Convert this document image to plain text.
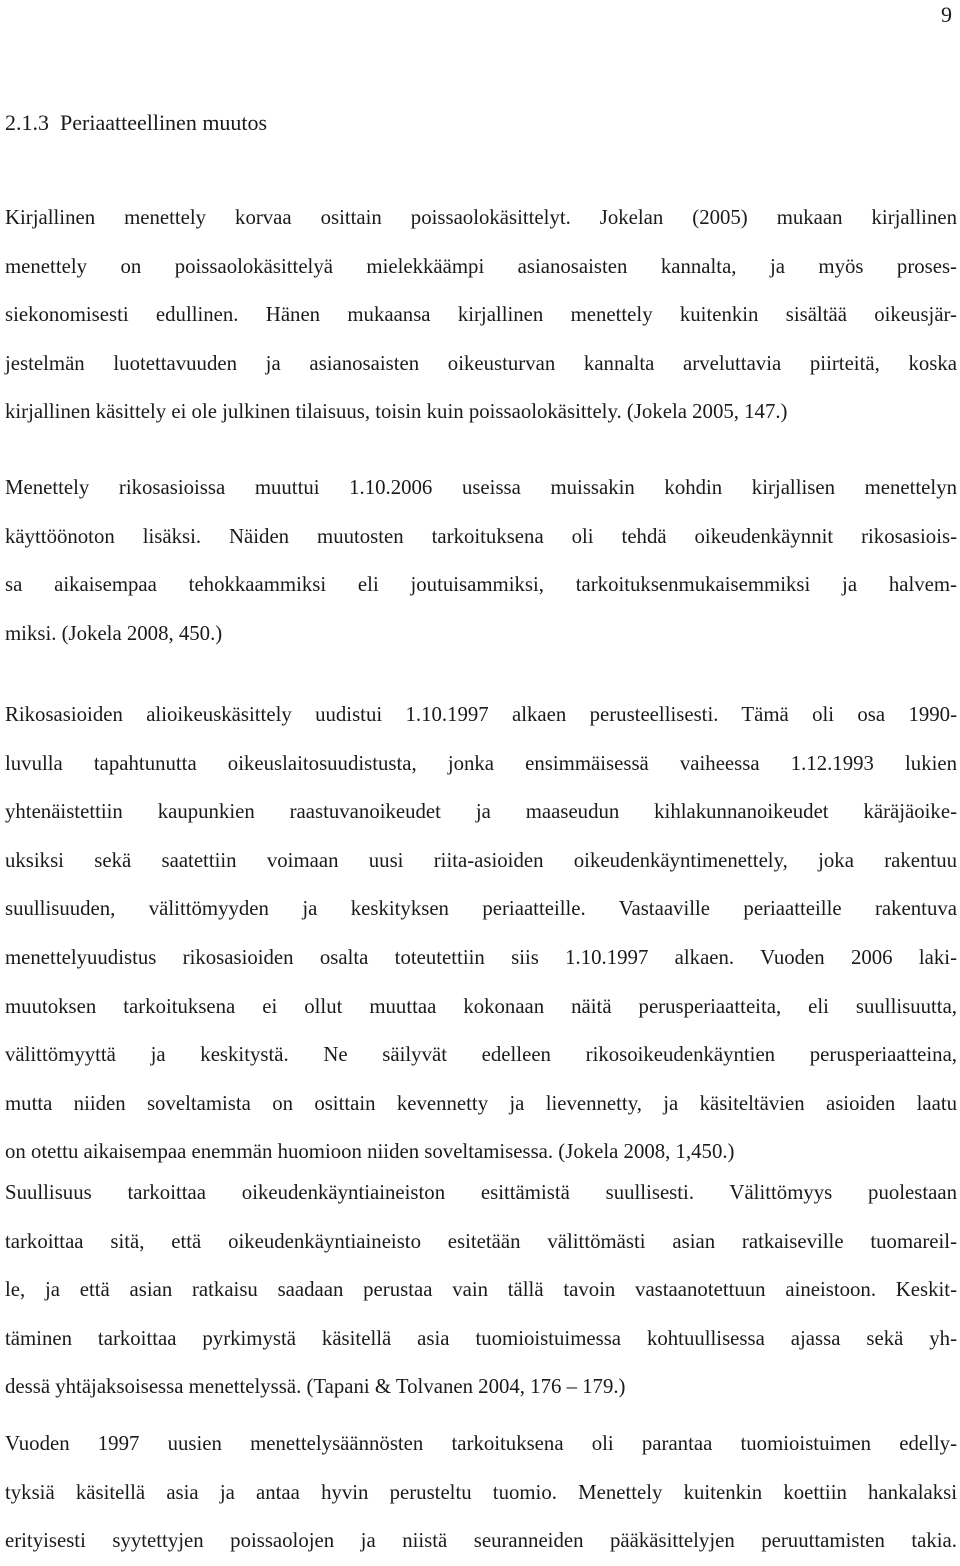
9
2.1.3 Periaatteellinen muutos
Kirjallinen menettely korvaa osittain poissaolokäsittelyt. Jokelan (2005) mukaan kirjallinen
menettely on poissaolokäsittelyä mielekkäämpi asianosaisten kannalta, ja myös proses-
siekonomisesti edullinen. Hänen mukaansa kirjallinen menettely kuitenkin sisältää oikeusjär-
jestelmän luotettavuuden ja asianosaisten oikeusturvan kannalta arveluttavia piirteitä, koska
kirjallinen käsittely ei ole julkinen tilaisuus, toisin kuin poissaolokäsittely. (Jokela 2005, 147.)
Menettely rikosasioissa muuttui 1.10.2006 useissa muissakin kohdin kirjallisen menettelyn
käyttöönoton lisäksi. Näiden muutosten tarkoituksena oli tehdä oikeudenkäynnit rikosasiois-
sa aikaisempaa tehokkaammiksi eli joutuisammiksi, tarkoituksenmukaisemmiksi ja halvem-
miksi. (Jokela 2008, 450.)
Rikosasioiden alioikeuskäsittely uudistui 1.10.1997 alkaen perusteellisesti. Tämä oli osa 1990-
luvulla tapahtunutta oikeuslaitosuudistusta, jonka ensimmäisessä vaiheessa 1.12.1993 lukien
yhtenäistettiin kaupunkien raastuvanoikeudet ja maaseudun kihlakunnanoikeudet käräjäoike-
uksiksi sekä saatettiin voimaan uusi riita-asioiden oikeudenkäyntimenettely, joka rakentuu
suullisuuden, välittömyyden ja keskityksen periaatteille. Vastaaville periaatteille rakentuva
menettelyuudistus rikosasioiden osalta toteutettiin siis 1.10.1997 alkaen. Vuoden 2006 laki-
muutoksen tarkoituksena ei ollut muuttaa kokonaan näitä perusperiaatteita, eli suullisuutta,
välittömyyttä ja keskitystä. Ne säilyvät edelleen rikosoikeudenkäyntien perusperiaatteina,
mutta niiden soveltamista on osittain kevennetty ja lievennetty, ja käsiteltävien asioiden laatu
on otettu aikaisempaa enemmän huomioon niiden soveltamisessa. (Jokela 2008, 1,450.)
Suullisuus tarkoittaa oikeudenkäyntiaineiston esittämistä suullisesti. Välittömyys puolestaan
tarkoittaa sitä, että oikeudenkäyntiaineisto esitetään välittömästi asian ratkaiseville tuomareil-
le, ja että asian ratkaisu saadaan perustaa vain tällä tavoin vastaanotettuun aineistoon. Keskit-
täminen tarkoittaa pyrkimystä käsitellä asia tuomioistuimessa kohtuullisessa ajassa sekä yh-
dessä yhtäjaksoisessa menettelyssä. (Tapani & Tolvanen 2004, 176 – 179.)
Vuoden 1997 uusien menettelysäännösten tarkoituksena oli parantaa tuomioistuimen edelly-
tyksiä käsitellä asia ja antaa hyvin perusteltu tuomio. Menettely kuitenkin koettiin hankalaksi
erityisesti syytettyjen poissaolojen ja niistä seuranneiden pääkäsittelyjen peruuttamisten takia.
